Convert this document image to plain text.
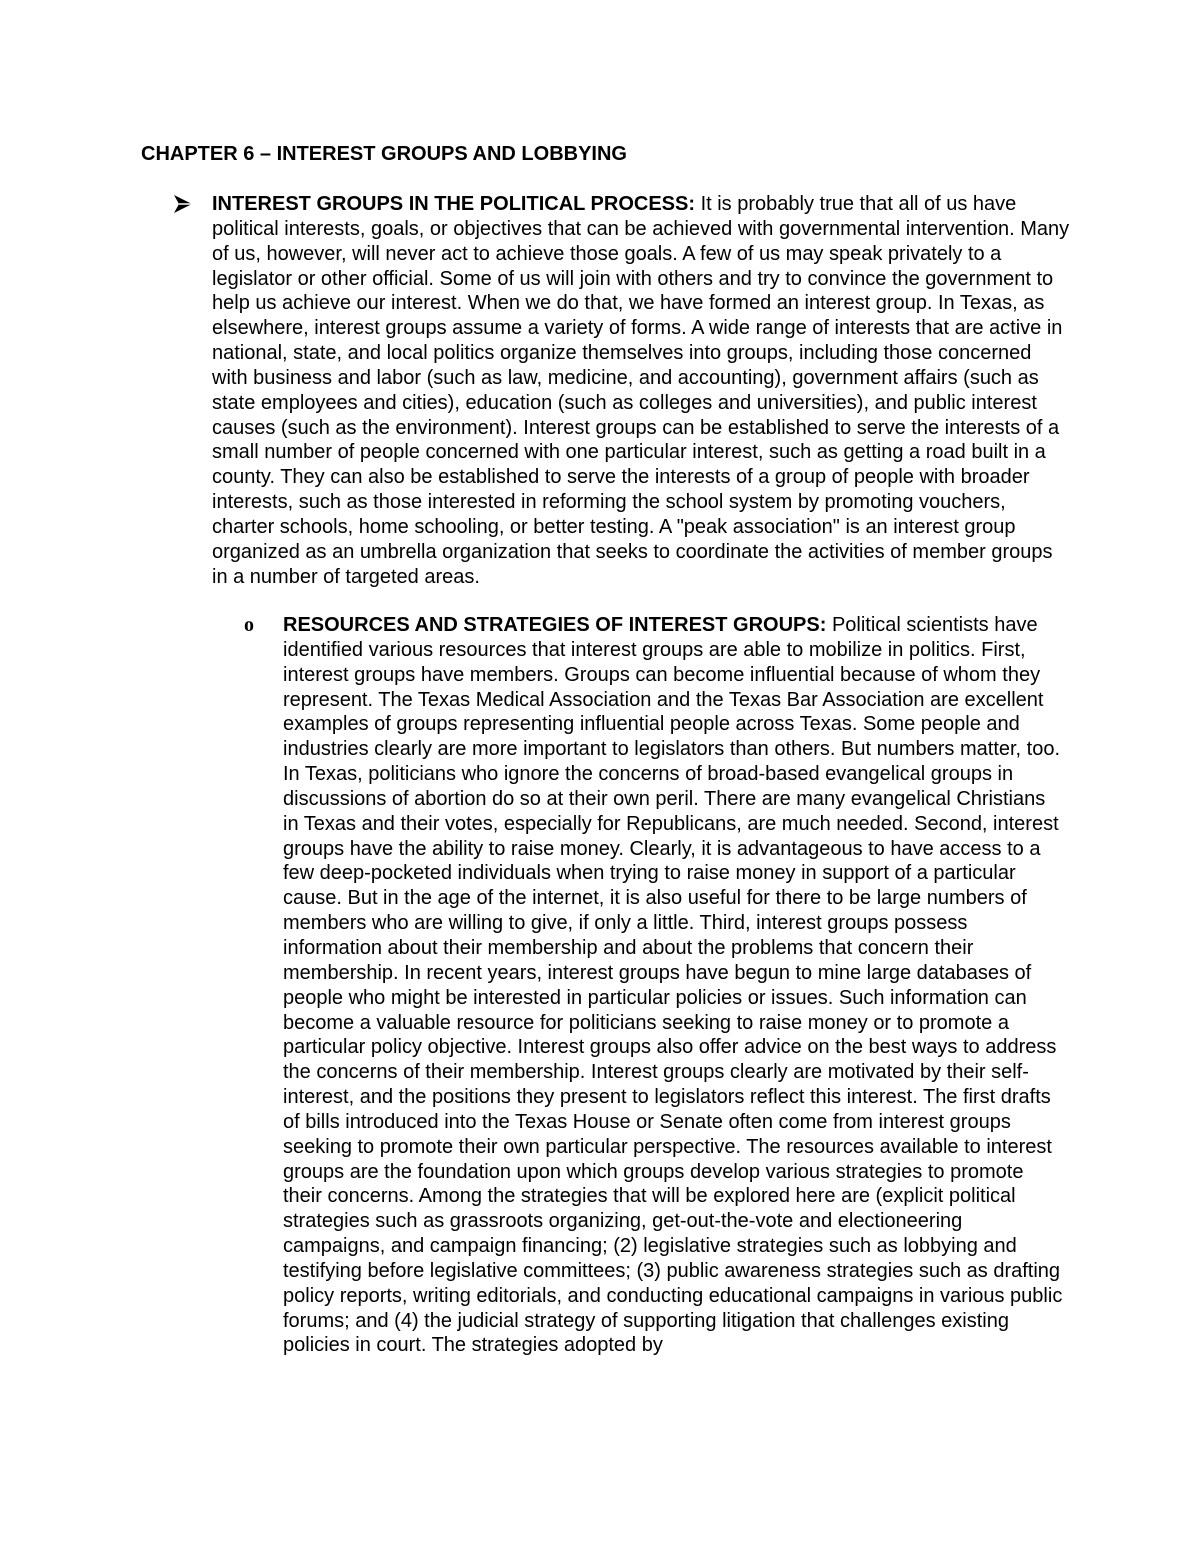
CHAPTER 6 – INTEREST GROUPS AND LOBBYING

INTEREST GROUPS IN THE POLITICAL PROCESS: It is probably true that all of us have political interests, goals, or objectives that can be achieved with governmental intervention. Many of us, however, will never act to achieve those goals. A few of us may speak privately to a legislator or other official. Some of us will join with others and try to convince the government to help us achieve our interest. When we do that, we have formed an interest group. In Texas, as elsewhere, interest groups assume a variety of forms. A wide range of interests that are active in national, state, and local politics organize themselves into groups, including those concerned with business and labor (such as law, medicine, and accounting), government affairs (such as state employees and cities), education (such as colleges and universities), and public interest causes (such as the environment). Interest groups can be established to serve the interests of a small number of people concerned with one particular interest, such as getting a road built in a county. They can also be established to serve the interests of a group of people with broader interests, such as those interested in reforming the school system by promoting vouchers, charter schools, home schooling, or better testing. A "peak association" is an interest group organized as an umbrella organization that seeks to coordinate the activities of member groups in a number of targeted areas.

o RESOURCES AND STRATEGIES OF INTEREST GROUPS: Political scientists have identified various resources that interest groups are able to mobilize in politics. First, interest groups have members. Groups can become influential because of whom they represent. The Texas Medical Association and the Texas Bar Association are excellent examples of groups representing influential people across Texas. Some people and industries clearly are more important to legislators than others. But numbers matter, too. In Texas, politicians who ignore the concerns of broad-based evangelical groups in discussions of abortion do so at their own peril. There are many evangelical Christians in Texas and their votes, especially for Republicans, are much needed. Second, interest groups have the ability to raise money. Clearly, it is advantageous to have access to a few deep-pocketed individuals when trying to raise money in support of a particular cause. But in the age of the internet, it is also useful for there to be large numbers of members who are willing to give, if only a little. Third, interest groups possess information about their membership and about the problems that concern their membership. In recent years, interest groups have begun to mine large databases of people who might be interested in particular policies or issues. Such information can become a valuable resource for politicians seeking to raise money or to promote a particular policy objective. Interest groups also offer advice on the best ways to address the concerns of their membership. Interest groups clearly are motivated by their self-interest, and the positions they present to legislators reflect this interest. The first drafts of bills introduced into the Texas House or Senate often come from interest groups seeking to promote their own particular perspective. The resources available to interest groups are the foundation upon which groups develop various strategies to promote their concerns. Among the strategies that will be explored here are (explicit political strategies such as grassroots organizing, get-out-the-vote and electioneering campaigns, and campaign financing; (2) legislative strategies such as lobbying and testifying before legislative committees; (3) public awareness strategies such as drafting policy reports, writing editorials, and conducting educational campaigns in various public forums; and (4) the judicial strategy of supporting litigation that challenges existing policies in court. The strategies adopted by
